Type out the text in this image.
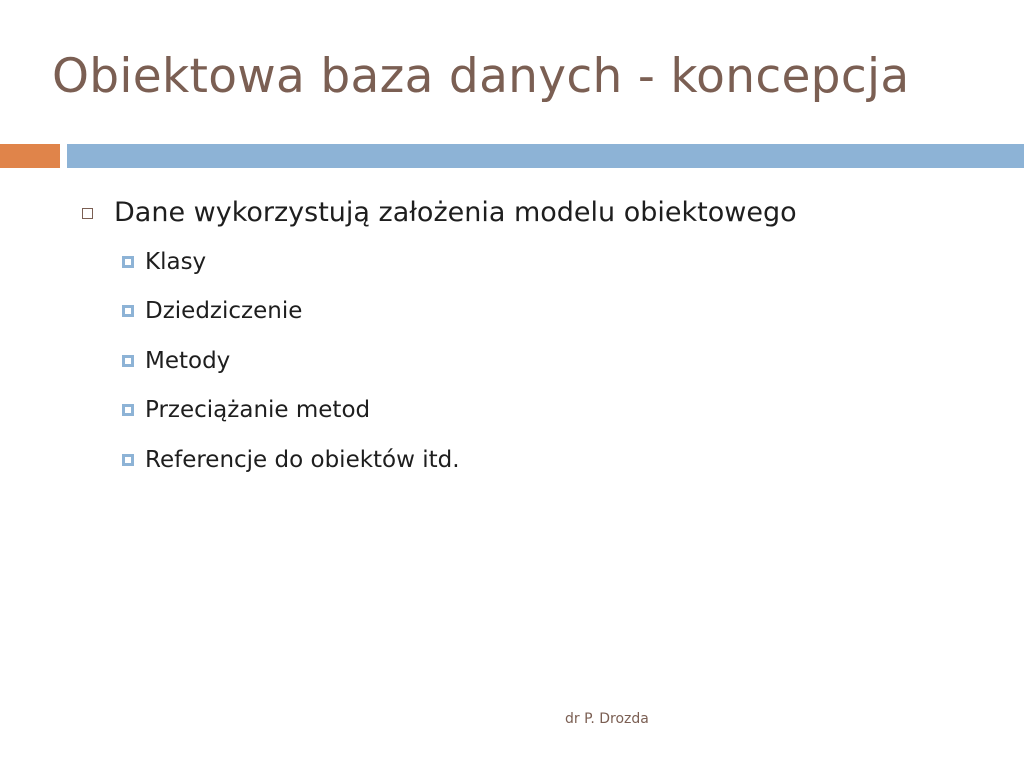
Obiektowa baza danych - koncepcja
Dane wykorzystują założenia modelu obiektowego
Klasy
Dziedziczenie
Metody
Przeciążanie metod
Referencje do obiektów itd.
dr P. Drozda
